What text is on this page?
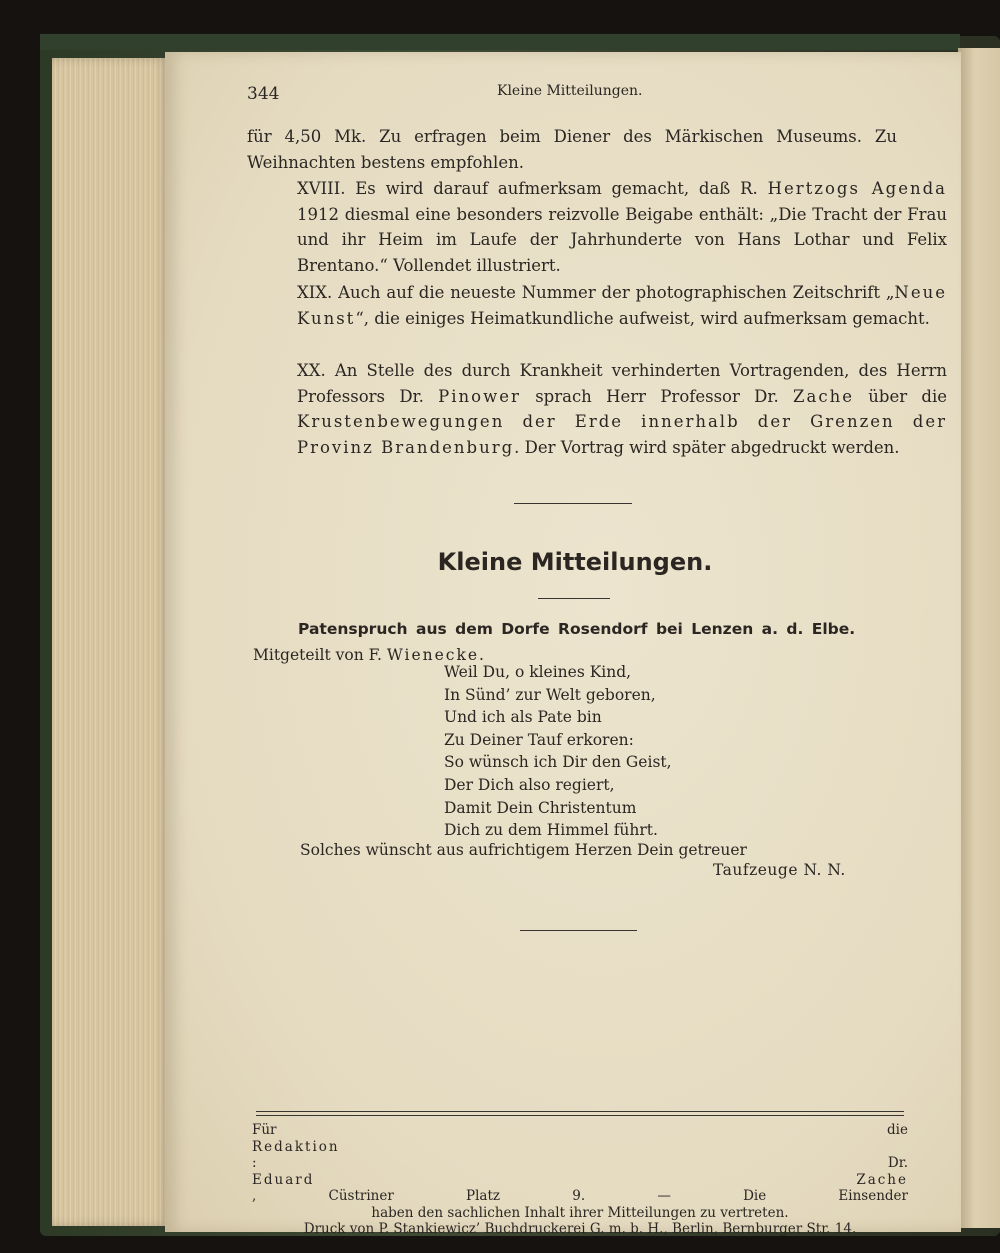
344	Kleine Mitteilungen.

für 4,50 Mk. Zu erfragen beim Diener des Märkischen Museums. Zu Weihnachten bestens empfohlen.

XVIII. Es wird darauf aufmerksam gemacht, daß R. Hertzogs Agenda 1912 diesmal eine besonders reizvolle Beigabe enthält: „Die Tracht der Frau und ihr Heim im Laufe der Jahrhunderte von Hans Lothar und Felix Brentano.“ Vollendet illustriert.

XIX. Auch auf die neueste Nummer der photographischen Zeitschrift „Neue Kunst“, die einiges Heimatkundliche aufweist, wird aufmerksam gemacht.

XX. An Stelle des durch Krankheit verhinderten Vortragenden, des Herrn Professors Dr. Pinower sprach Herr Professor Dr. Zache über die Krustenbewegungen der Erde innerhalb der Grenzen der Provinz Brandenburg. Der Vortrag wird später abgedruckt werden.

Kleine Mitteilungen.

Patenspruch aus dem Dorfe Rosendorf bei Lenzen a. d. Elbe.

Mitgeteilt von F. Wienecke.

Weil Du, o kleines Kind,
In Sünd’ zur Welt geboren,
Und ich als Pate bin
Zu Deiner Tauf erkoren:
So wünsch ich Dir den Geist,
Der Dich also regiert,
Damit Dein Christentum
Dich zu dem Himmel führt.

Solches wünscht aus aufrichtigem Herzen Dein getreuer

Taufzeuge N. N.

Für die
Redaktion
: Dr.
Eduard Zache
, Cüstriner Platz 9. — Die Einsender
haben den sachlichen Inhalt ihrer Mitteilungen zu vertreten.
Druck von P. Stankiewicz’ Buchdruckerei G. m. b. H., Berlin, Bernburger Str. 14.
